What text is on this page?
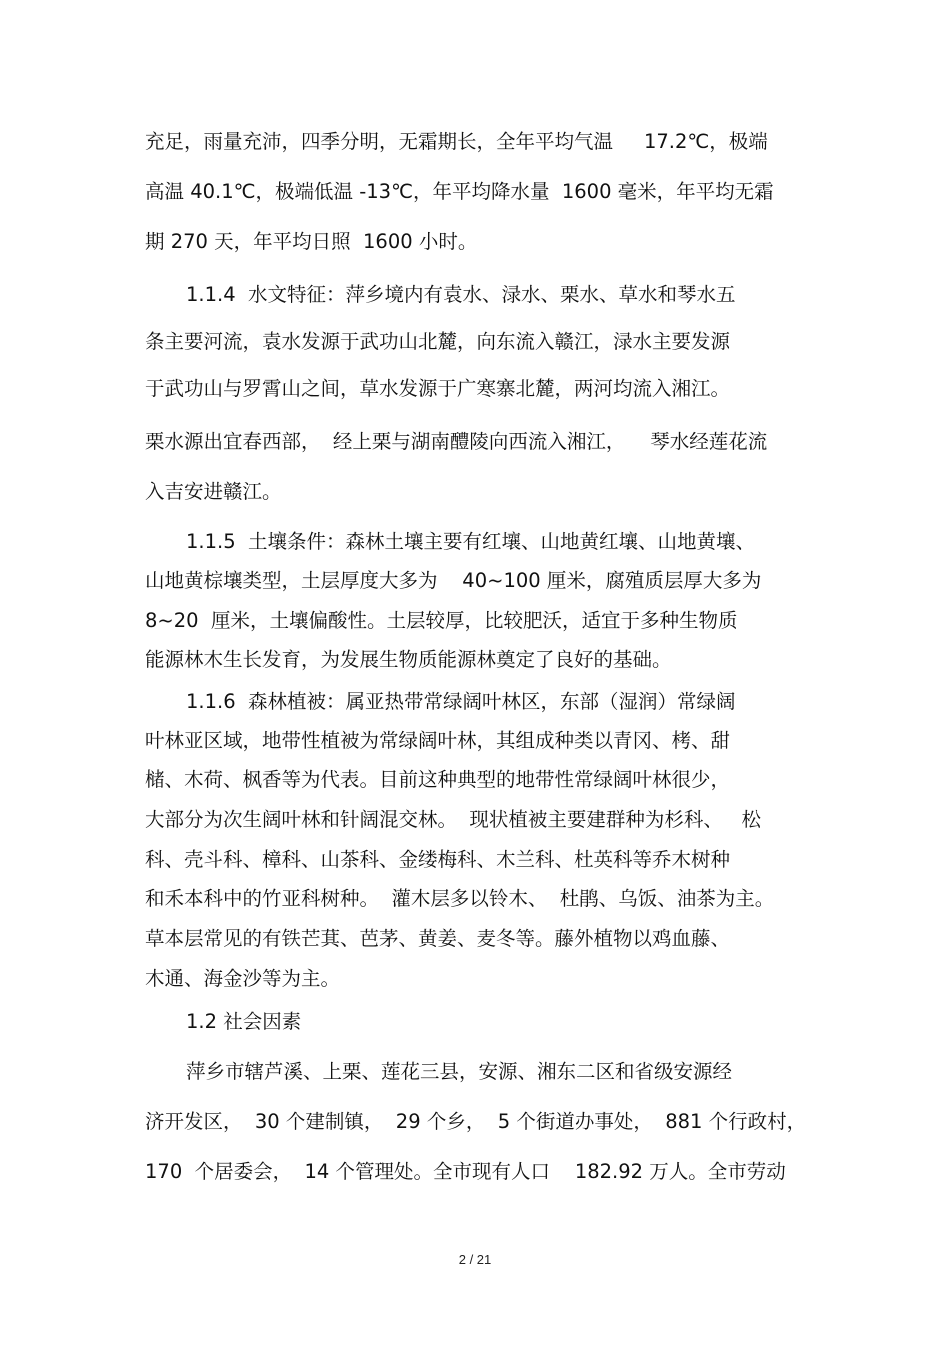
充足，雨量充沛，四季分明，无霜期长，全年平均气温     17.2℃，极端

高温 40.1℃，极端低温 -13℃，年平均降水量  1600 毫米，年平均无霜

期 270 天，年平均日照  1600 小时。

1.1.4  水文特征：萍乡境内有袁水、渌水、栗水、草水和琴水五

条主要河流，袁水发源于武功山北麓，向东流入赣江，渌水主要发源

于武功山与罗霄山之间，草水发源于广寒寨北麓，两河均流入湘江。

栗水源出宜春西部，  经上栗与湖南醴陵向西流入湘江，    琴水经莲花流

入吉安进赣江。

1.1.5  土壤条件：森林土壤主要有红壤、山地黄红壤、山地黄壤、

山地黄棕壤类型，土层厚度大多为    40~100 厘米，腐殖质层厚大多为

8~20  厘米，土壤偏酸性。土层较厚，比较肥沃，适宜于多种生物质

能源林木生长发育，为发展生物质能源林奠定了良好的基础。

1.1.6  森林植被：属亚热带常绿阔叶林区，东部（湿润）常绿阔

叶林亚区域，地带性植被为常绿阔叶林，其组成种类以青冈、栲、甜

槠、木荷、枫香等为代表。目前这种典型的地带性常绿阔叶林很少，

大部分为次生阔叶林和针阔混交林。  现状植被主要建群种为杉科、   松

科、壳斗科、樟科、山茶科、金缕梅科、木兰科、杜英科等乔木树种

和禾本科中的竹亚科树种。  灌木层多以铃木、  杜鹃、乌饭、油茶为主。

草本层常见的有铁芒萁、芭茅、黄姜、麦冬等。藤外植物以鸡血藤、

木通、海金沙等为主。

1.2 社会因素

萍乡市辖芦溪、上栗、莲花三县，安源、湘东二区和省级安源经

济开发区，  30 个建制镇，  29 个乡，  5 个街道办事处，  881 个行政村，

170  个居委会，  14 个管理处。全市现有人口    182.92 万人。全市劳动

2 / 21
